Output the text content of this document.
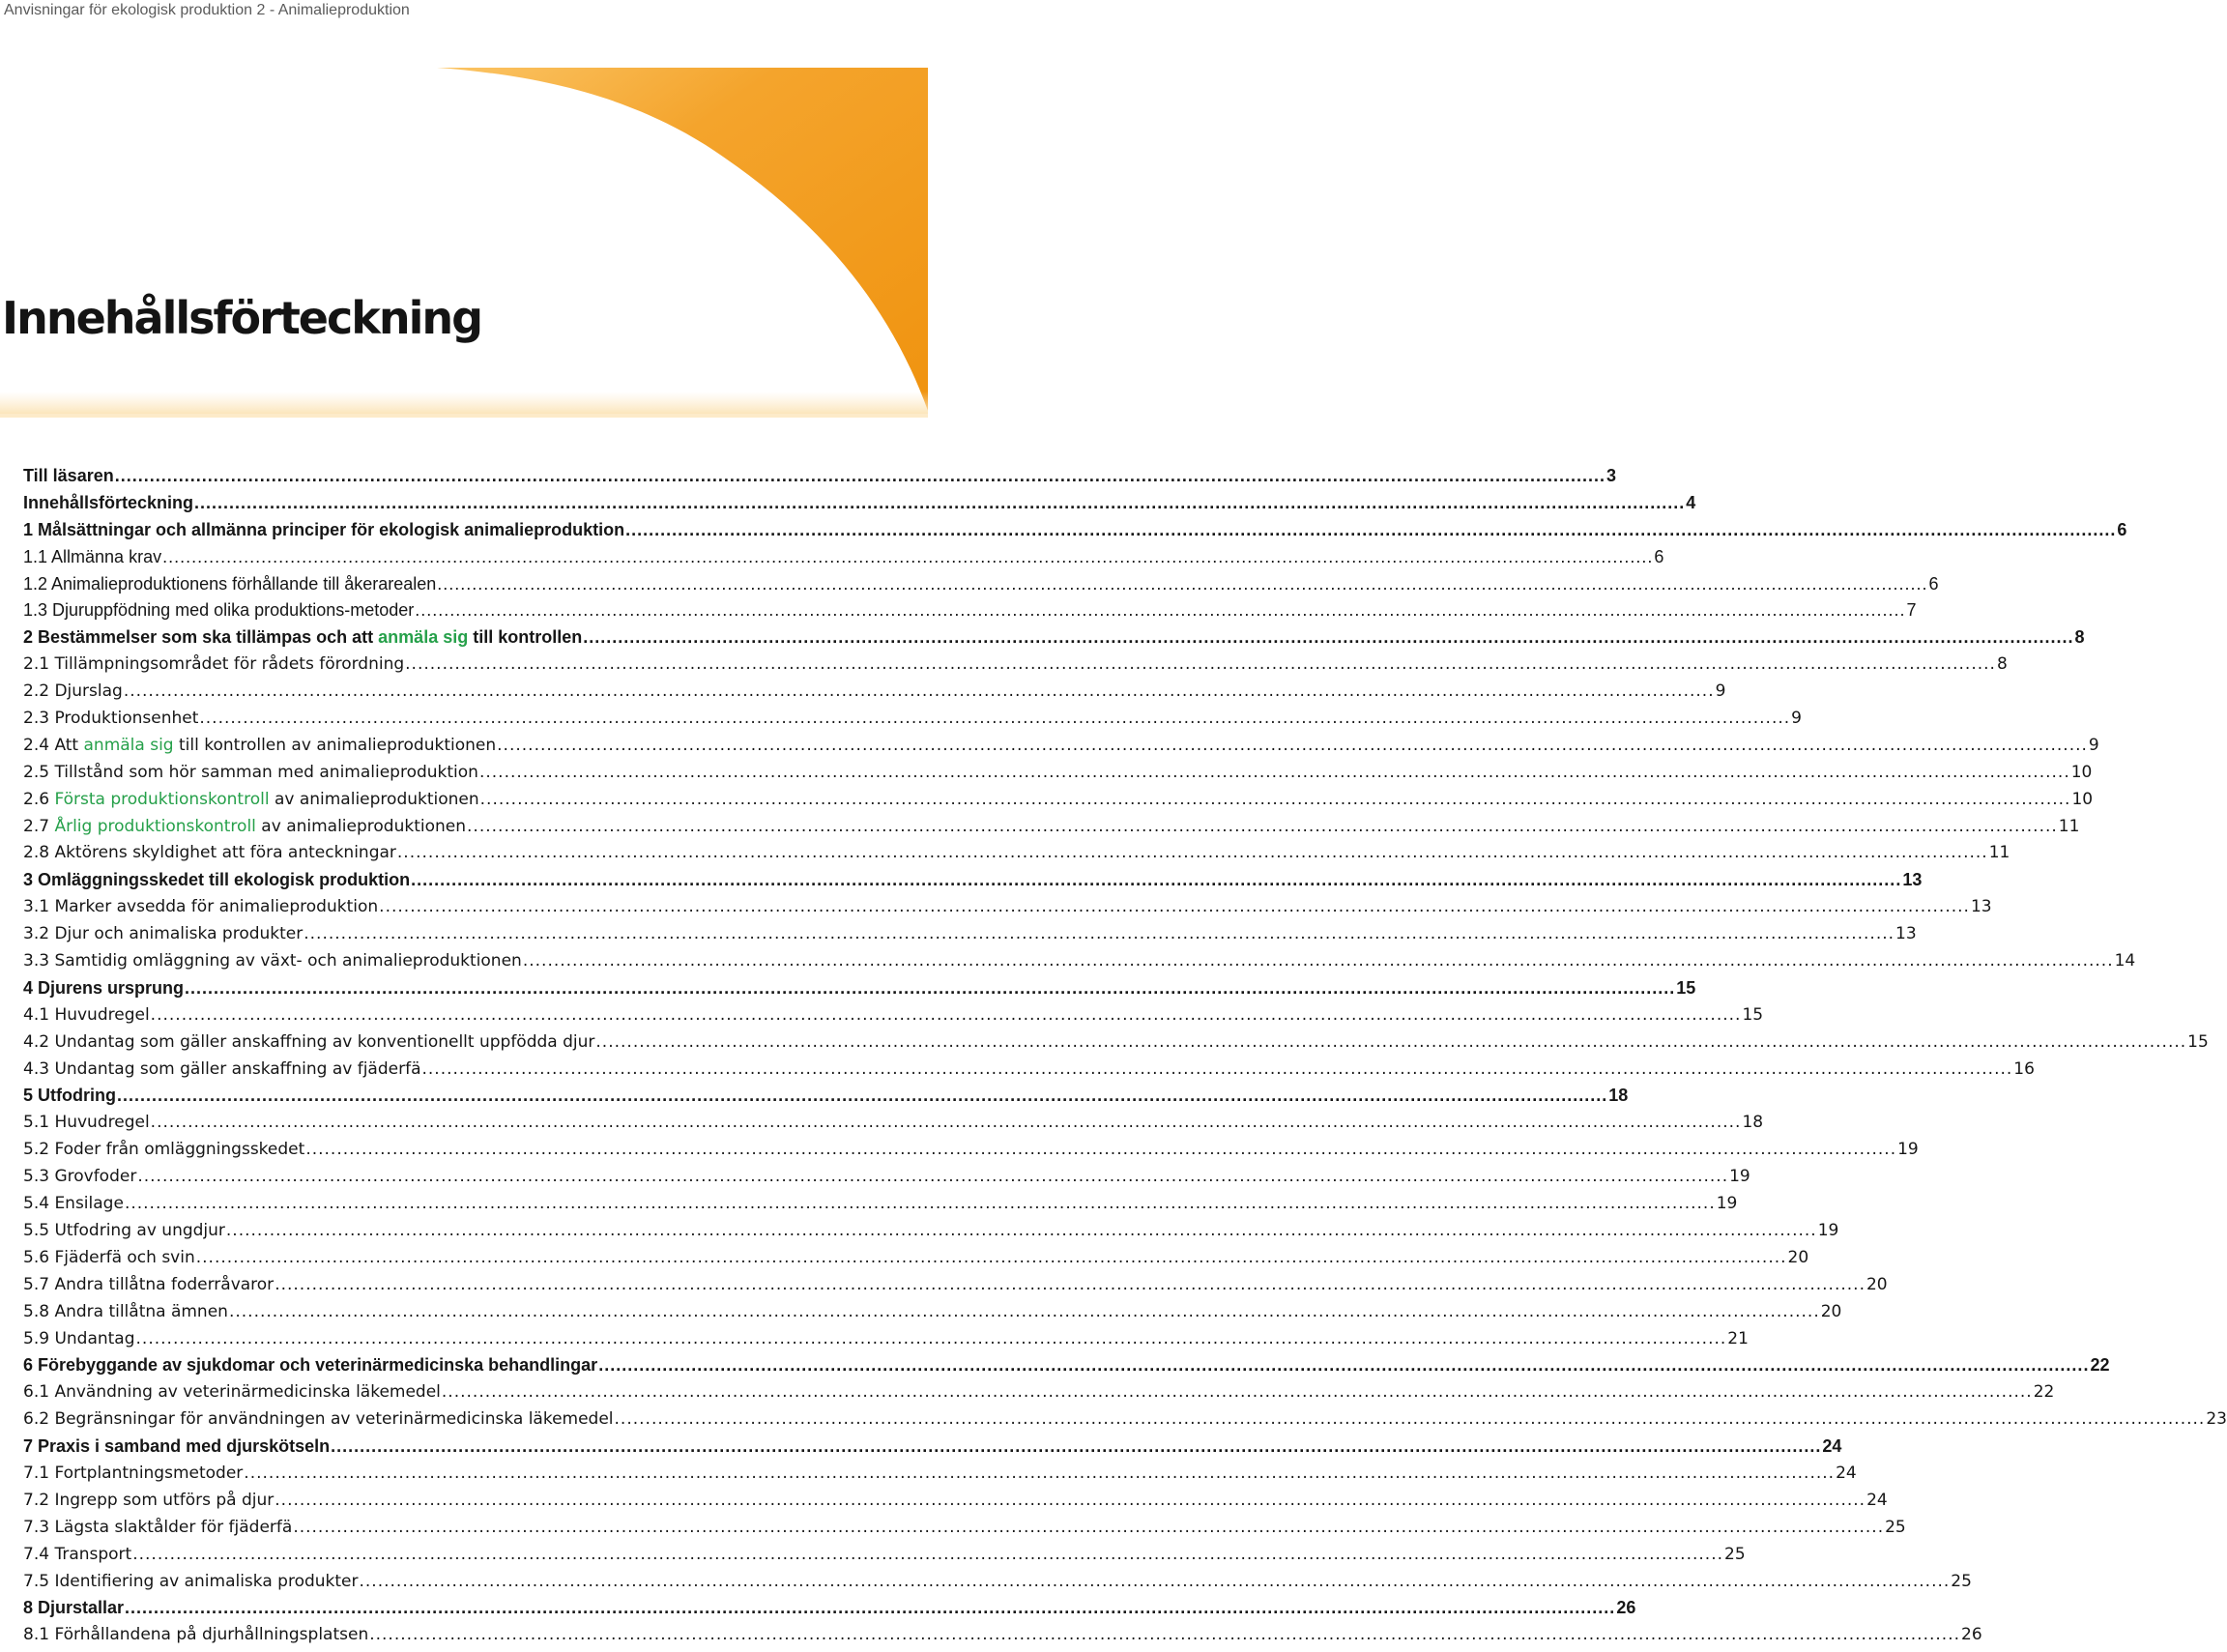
Anvisningar för ekologisk produktion 2 - Animalieproduktion
Innehållsförteckning
Till läsaren .....	3
Innehållsförteckning .....	4
1 Målsättningar och allmänna principer för ekologisk animalieproduktion .....	6
1.1 Allmänna krav .....	6
1.2 Animalieproduktionens förhållande till åkerarealen .....	6
1.3 Djuruppfödning med olika produktions-metoder .....	7
2 Bestämmelser som ska tillämpas och att anmäla sig till kontrollen .....	8
2.1 Tillämpningsområdet för rådets förordning .....	8
2.2 Djurslag .....	9
2.3 Produktionsenhet .....	9
2.4 Att anmäla sig till kontrollen av animalieproduktionen .....	9
2.5 Tillstånd som hör samman med animalieproduktion .....	10
2.6 Första produktionskontroll av animalieproduktionen .....	10
2.7 Årlig produktionskontroll av animalieproduktionen .....	11
2.8 Aktörens skyldighet att föra anteckningar .....	11
3 Omläggningsskedet till ekologisk produktion .....	13
3.1 Marker avsedda för animalieproduktion .....	13
3.2 Djur och animaliska produkter .....	13
3.3 Samtidig omläggning av växt- och animalieproduktionen .....	14
4 Djurens ursprung .....	15
4.1 Huvudregel .....	15
4.2 Undantag som gäller anskaffning av konventionellt uppfödda djur .....	15
4.3 Undantag som gäller anskaffning av fjäderfä .....	16
5 Utfodring .....	18
5.1 Huvudregel .....	18
5.2 Foder från omläggningsskedet .....	19
5.3 Grovfoder .....	19
5.4 Ensilage .....	19
5.5 Utfodring av ungdjur .....	19
5.6 Fjäderfä och svin .....	20
5.7 Andra tillåtna foderråvaror .....	20
5.8 Andra tillåtna ämnen .....	20
5.9 Undantag .....	21
6 Förebyggande av sjukdomar och veterinärmedicinska behandlingar .....	22
6.1 Användning av veterinärmedicinska läkemedel .....	22
6.2 Begränsningar för användningen av veterinärmedicinska läkemedel .....	23
7 Praxis i samband med djurskötseln .....	24
7.1 Fortplantningsmetoder .....	24
7.2 Ingrepp som utförs på djur .....	24
7.3 Lägsta slaktålder för fjäderfä .....	25
7.4 Transport .....	25
7.5 Identifiering av animaliska produkter .....	25
8 Djurstallar .....	26
8.1 Förhållandena på djurhållningsplatsen .....	26
